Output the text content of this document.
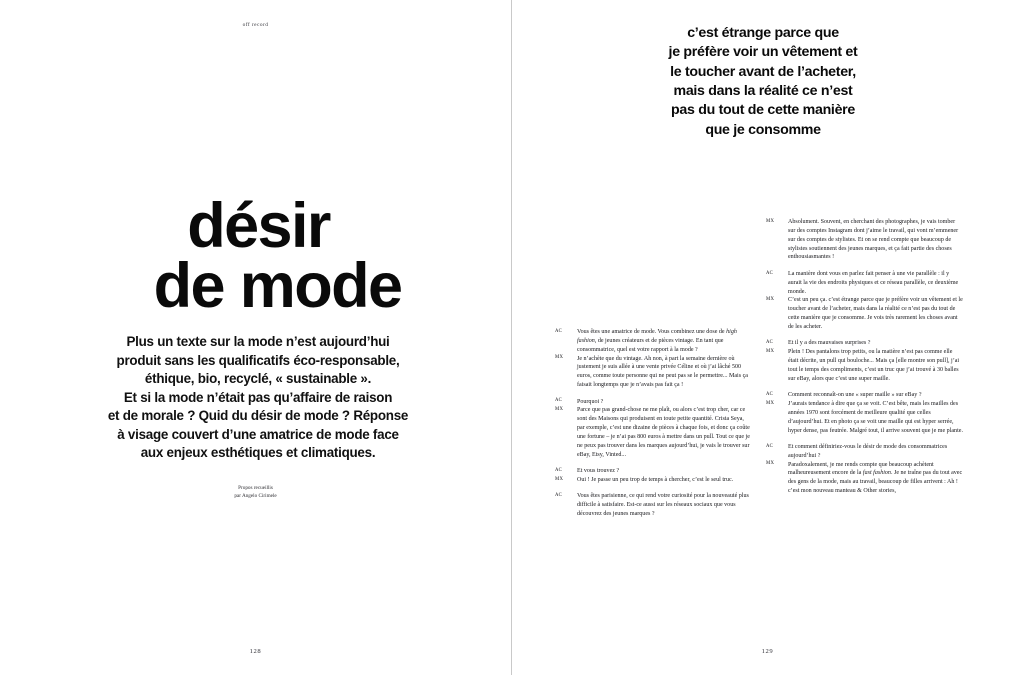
off record
désir
de mode

Plus un texte sur la mode n’est aujourd’hui

produit sans les qualificatifs éco-responsable,

éthique, bio, recyclé, « sustainable ».

Et si la mode n’était pas qu’affaire de raison

et de morale ? Quid du désir de mode ? Réponse

à visage couvert d’une amatrice de mode face

aux enjeux esthétiques et climatiques.

Propos recueillis
par Angelo Cirimele
128

c’est étrange parce que

je préfère voir un vêtement et

le toucher avant de l’acheter,

mais dans la réalité ce n’est

pas du tout de cette manière

que je consomme

AC	Vous êtes une amatrice de mode. Vous combinez une dose de high fashion, de jeunes créateurs et de pièces vintage. En tant que consommatrice, quel est votre rapport à la mode ?
MX	Je n’achète que du vintage. Ah non, à part la semaine dernière où justement je suis allée à une vente privée Céline et où j’ai lâché 500 euros, comme toute personne qui ne peut pas se le permettre... Mais ça faisait longtemps que je n’avais pas fait ça !
AC	Pourquoi ?
MX	Parce que pas grand-chose ne me plaît, ou alors c’est trop cher, car ce sont des Maisons qui produisent en toute petite quantité. Crista Seya, par exemple, c’est une dizaine de pièces à chaque fois, et donc ça coûte une fortune – je n’ai pas 800 euros à mettre dans un pull. Tout ce que je ne peux pas trouver dans les marques aujourd’hui, je vais le trouver sur eBay, Etsy, Vinted...
AC	Et vous trouvez ?
MX	Oui ! Je passe un peu trop de temps à chercher, c’est le seul truc.
AC	Vous êtes parisienne, ce qui rend votre curiosité pour la nouveauté plus difficile à satisfaire. Est-ce aussi sur les réseaux sociaux que vous découvrez des jeunes marques ?
MX	Absolument. Souvent, en cherchant des photographes, je vais tomber sur des comptes Instagram dont j’aime le travail, qui vont m’emmener sur des comptes de stylistes. Et on se rend compte que beaucoup de stylistes soutiennent des jeunes marques, et ça fait partie des choses enthousiasmantes !
AC	La manière dont vous en parlez fait penser à une vie parallèle : il y aurait la vie des endroits physiques et ce réseau parallèle, ce deuxième monde.
MX	C’est un peu ça. c’est étrange parce que je préfère voir un vêtement et le toucher avant de l’acheter, mais dans la réalité ce n’est pas du tout de cette manière que je consomme. Je vois très rarement les choses avant de les acheter.
AC	Et il y a des mauvaises surprises ?
MX	Plein ! Des pantalons trop petits, ou la matière n’est pas comme elle était décrite, un pull qui bouloche... Mais ça [elle montre son pull], j’ai tout le temps des compliments, c’est un truc que j’ai trouvé à 30 balles sur eBay, alors que c’est une super maille.
AC	Comment reconnaît-on une « super maille » sur eBay ?
MX	J’aurais tendance à dire que ça se voit. C’est bête, mais les mailles des années 1970 sont forcément de meilleure qualité que celles d’aujourd’hui. Et en photo ça se voit une maille qui est hyper serrée, hyper dense, pas feutrée. Malgré tout, il arrive souvent que je me plante.
AC	Et comment définiriez-vous le désir de mode des consommatrices aujourd’hui ?
MX	Paradoxalement, je me rends compte que beaucoup achètent malheureusement encore de la fast fashion. Je ne traîne pas du tout avec des gens de la mode, mais au travail, beaucoup de filles arrivent : Ah ! c’est mon nouveau manteau & Other stories,
129
